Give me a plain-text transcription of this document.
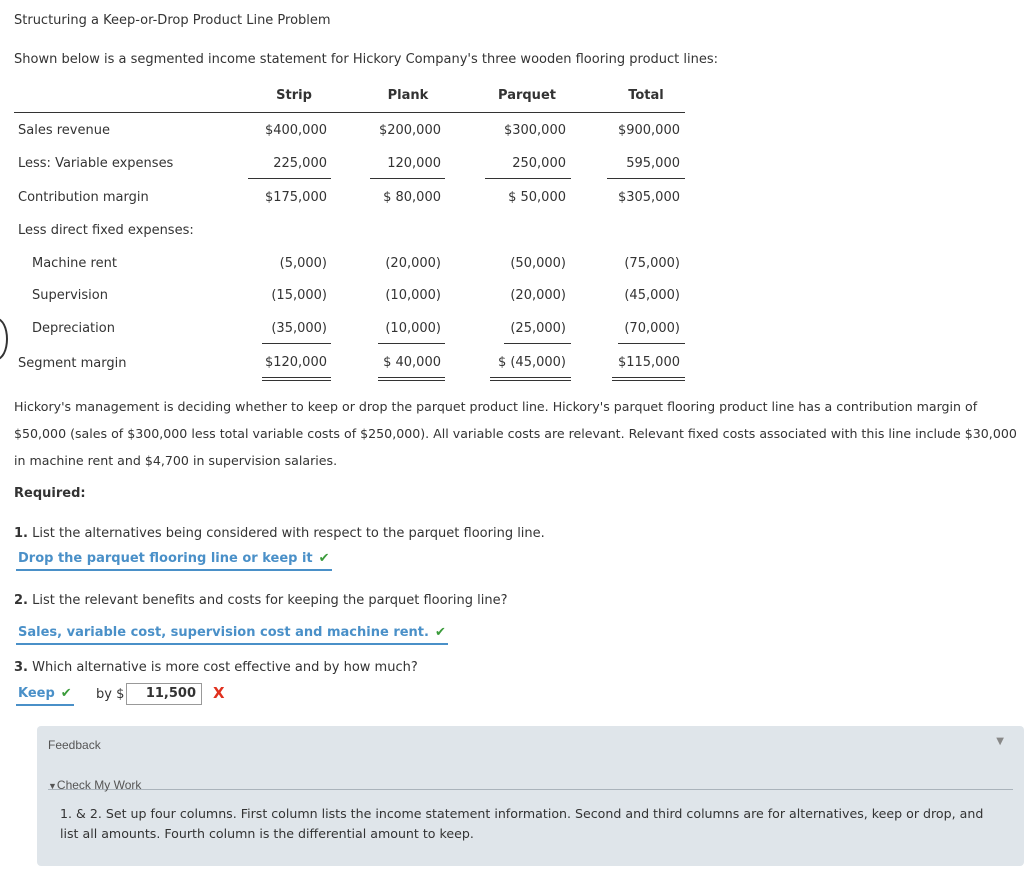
Structuring a Keep-or-Drop Product Line Problem
Shown below is a segmented income statement for Hickory Company's three wooden flooring product lines:
Strip	Plank	Parquet	Total
Sales revenue	$400,000	$200,000	$300,000	$900,000
Less: Variable expenses	225,000	120,000	250,000	595,000
Contribution margin	$175,000	$ 80,000	$ 50,000	$305,000
Less direct fixed expenses:
Machine rent	(5,000)	(20,000)	(50,000)	(75,000)
Supervision	(15,000)	(10,000)	(20,000)	(45,000)
Depreciation	(35,000)	(10,000)	(25,000)	(70,000)
Segment margin	$120,000	$ 40,000	$ (45,000)	$115,000
Hickory's management is deciding whether to keep or drop the parquet product line. Hickory's parquet flooring product line has a contribution margin of $50,000 (sales of $300,000 less total variable costs of $250,000). All variable costs are relevant. Relevant fixed costs associated with this line include $30,000 in machine rent and $4,700 in supervision salaries.
Required:
1. List the alternatives being considered with respect to the parquet flooring line.
Drop the parquet flooring line or keep it ✔
2. List the relevant benefits and costs for keeping the parquet flooring line?
Sales, variable cost, supervision cost and machine rent. ✔
3. Which alternative is more cost effective and by how much?
Keep ✔ by $	11,500	X
Feedback	▼
▼Check My Work
1. & 2. Set up four columns. First column lists the income statement information. Second and third columns are for alternatives, keep or drop, and list all amounts. Fourth column is the differential amount to keep.
